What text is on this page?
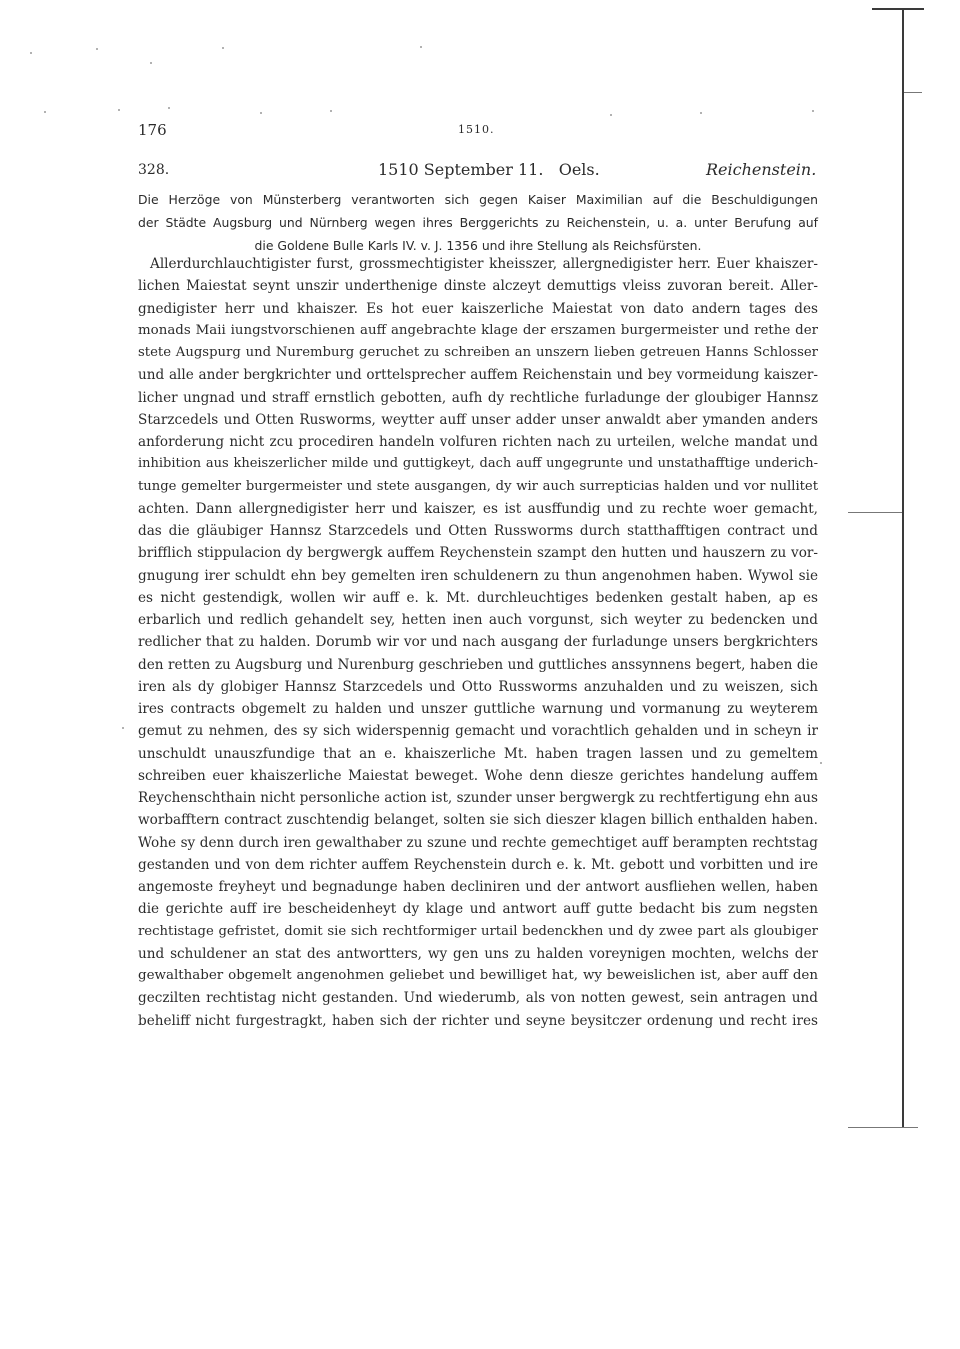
176	1510.
328.	1510 September 11.   Oels.	Reichenstein.
Die Herzöge von Münsterberg verantworten sich gegen Kaiser Maximilian auf die Beschuldigungen
der Städte Augsburg und Nürnberg wegen ihres Berggerichts zu Reichenstein, u. a. unter Berufung auf
die Goldene Bulle Karls IV. v. J. 1356 und ihre Stellung als Reichsfürsten.
Allerdurchlauchtigister furst, grossmechtigister kheisszer, allergnedigister herr. Euer khaiszer-
lichen Maiestat seynt unszir underthenige dinste alczeyt demuttigs vleiss zuvoran bereit. Aller-
gnedigister herr und khaiszer. Es hot euer kaiszerliche Maiestat von dato andern tages des
monads Maii iungstvorschienen auff angebrachte klage der erszamen burgermeister und rethe der
stete Augspurg und Nuremburg geruchet zu schreiben an unszern lieben getreuen Hanns Schlosser
und alle ander bergkrichter und orttelsprecher auffem Reichenstain und bey vormeidung kaiszer-
licher ungnad und straff ernstlich gebotten, aufh dy rechtliche furladunge der gloubiger Hannsz
Starzcedels und Otten Rusworms, weytter auff unser adder unser anwaldt aber ymanden anders
anforderung nicht zcu procediren handeln volfuren richten nach zu urteilen, welche mandat und
inhibition aus kheiszerlicher milde und guttigkeyt, dach auff ungegrunte und unstathafftige underich-
tunge gemelter burgermeister und stete ausgangen, dy wir auch surrepticias halden und vor nullitet
achten. Dann allergnedigister herr und kaiszer, es ist ausffundig und zu rechte woer gemacht,
das die gläubiger Hannsz Starzcedels und Otten Russworms durch statthafftigen contract und
brifflich stippulacion dy bergwergk auffem Reychenstein szampt den hutten und hauszern zu vor-
gnugung irer schuldt ehn bey gemelten iren schuldenern zu thun angenohmen haben. Wywol sie
es nicht gestendigk, wollen wir auff e. k. Mt. durchleuchtiges bedenken gestalt haben, ap es
erbarlich und redlich gehandelt sey, hetten inen auch vorgunst, sich weyter zu bedencken und
redlicher that zu halden. Dorumb wir vor und nach ausgang der furladunge unsers bergkrichters
den retten zu Augsburg und Nurenburg geschrieben und guttliches anssynnens begert, haben die
iren als dy globiger Hannsz Starzcedels und Otto Russworms anzuhalden und zu weiszen, sich
ires contracts obgemelt zu halden und unszer guttliche warnung und vormanung zu weyterem
gemut zu nehmen, des sy sich widerspennig gemacht und vorachtlich gehalden und in scheyn ir
unschuldt unauszfundige that an e. khaiszerliche Mt. haben tragen lassen und zu gemeltem
schreiben euer khaiszerliche Maiestat beweget. Wohe denn diesze gerichtes handelung auffem
Reychenschthain nicht personliche action ist, szunder unser bergwergk zu rechtfertigung ehn aus
worbafftern contract zuschtendig belanget, solten sie sich dieszer klagen billich enthalden haben.
Wohe sy denn durch iren gewalthaber zu szune und rechte gemechtiget auff berampten rechtstag
gestanden und von dem richter auffem Reychenstein durch e. k. Mt. gebott und vorbitten und ire
angemoste freyheyt und begnadunge haben decliniren und der antwort ausfliehen wellen, haben
die gerichte auff ire bescheidenheyt dy klage und antwort auff gutte bedacht bis zum negsten
rechtistage gefristet, domit sie sich rechtformiger urtail bedenckhen und dy zwee part als gloubiger
und schuldener an stat des antwortters, wy gen uns zu halden voreynigen mochten, welchs der
gewalthaber obgemelt angenohmen geliebet und bewilliget hat, wy beweislichen ist, aber auff den
geczilten rechtistag nicht gestanden. Und wiederumb, als von notten gewest, sein antragen und
beheliff nicht furgestragkt, haben sich der richter und seyne beysitczer ordenung und recht ires
